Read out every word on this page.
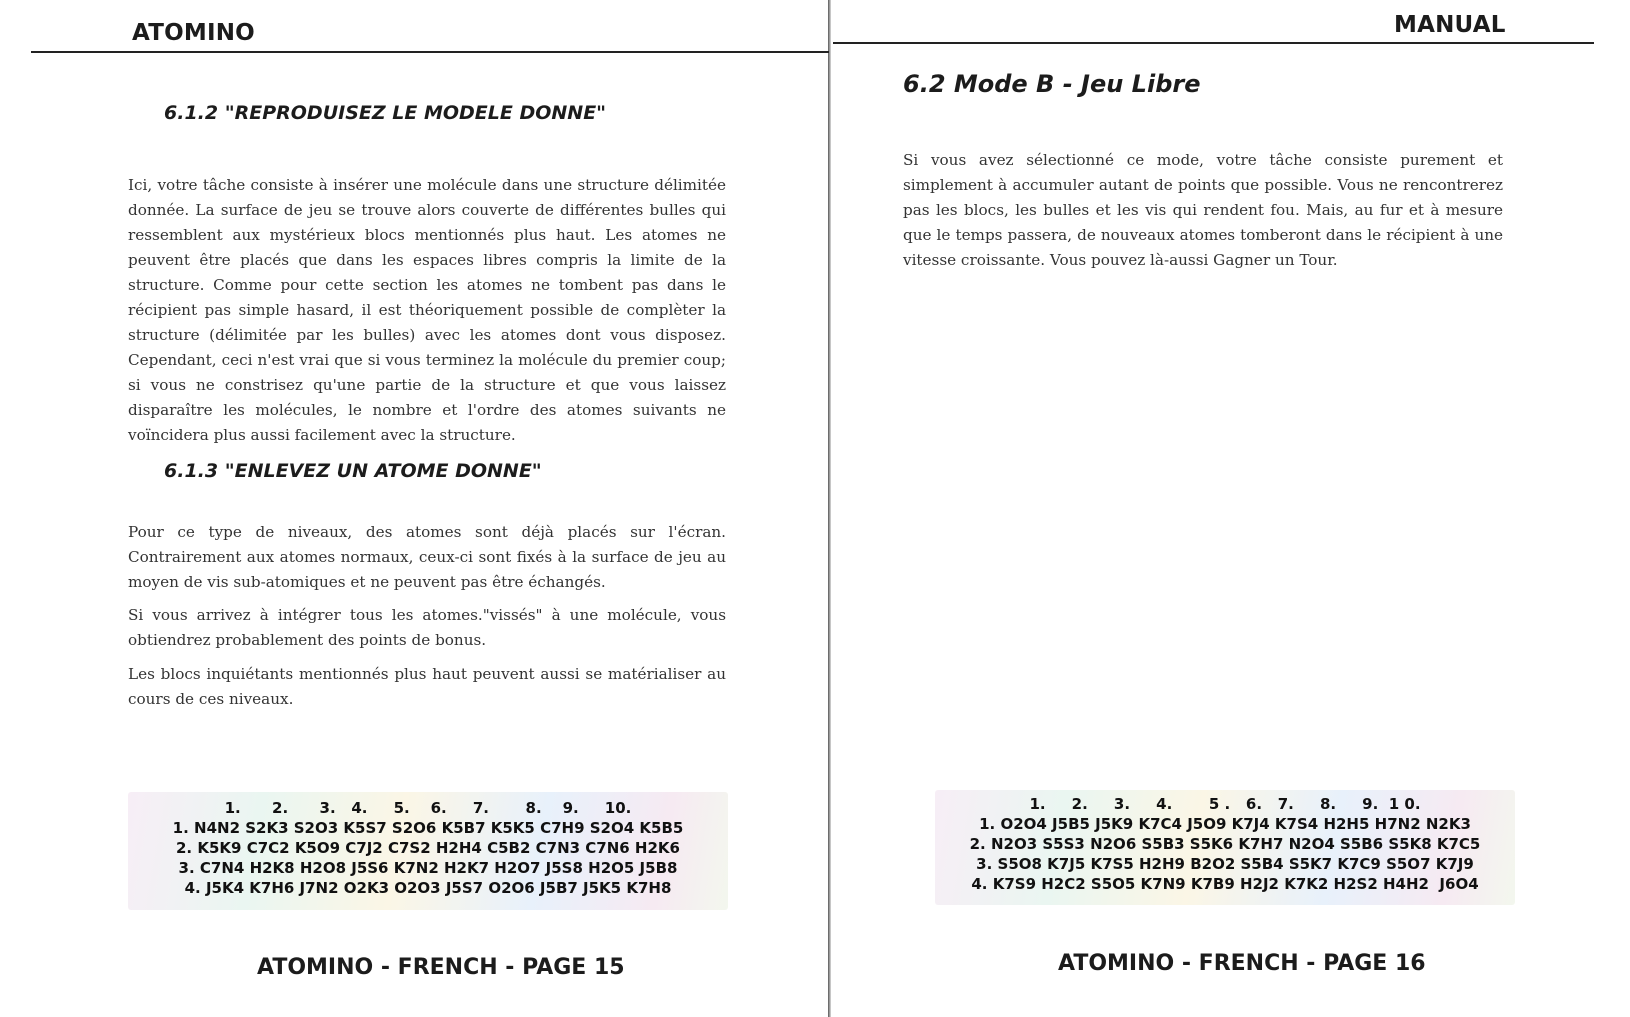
ATOMINO
6.1.2 "REPRODUISEZ LE MODELE DONNE"

Ici, votre tâche consiste à insérer une molécule dans une structure délimitée donnée. La surface de jeu se trouve alors couverte de différentes bulles qui ressemblent aux mystérieux blocs mentionnés plus haut. Les atomes ne peuvent être placés que dans les espaces libres compris la limite de la structure. Comme pour cette section les atomes ne tombent pas dans le récipient pas simple hasard, il est théoriquement possible de complèter la structure (délimitée par les bulles) avec les atomes dont vous disposez. Cependant, ceci n'est vrai que si vous terminez la molécule du premier coup; si vous ne constrisez qu'une partie de la structure et que vous laissez disparaître les molécules, le nombre et l'ordre des atomes suivants ne voïncidera plus aussi facilement avec la structure.

6.1.3 "ENLEVEZ UN ATOME DONNE"

Pour ce type de niveaux, des atomes sont déjà placés sur l'écran. Contrairement aux atomes normaux, ceux-ci sont fixés à la surface de jeu au moyen de vis sub-atomiques et ne peuvent pas être échangés.

Si vous arrivez à intégrer tous les atomes."vissés" à une molécule, vous obtiendrez probablement des points de bonus.

Les blocs inquiétants mentionnés plus haut peuvent aussi se matérialiser au cours de ces niveaux.

1.      2.      3.   4.     5.    6.     7.       8.    9.     10.
1. N4N2 S2K3 S2O3 K5S7 S2O6 K5B7 K5K5 C7H9 S2O4 K5B5
2. K5K9 C7C2 K5O9 C7J2 C7S2 H2H4 C5B2 C7N3 C7N6 H2K6
3. C7N4 H2K8 H2O8 J5S6 K7N2 H2K7 H2O7 J5S8 H2O5 J5B8
4. J5K4 K7H6 J7N2 O2K3 O2O3 J5S7 O2O6 J5B7 J5K5 K7H8
ATOMINO - FRENCH - PAGE 15
MANUAL
6.2 Mode B - Jeu Libre

Si vous avez sélectionné ce mode, votre tâche consiste purement et simplement à accumuler autant de points que possible. Vous ne rencontrerez pas les blocs, les bulles et les vis qui rendent fou. Mais, au fur et à mesure que le temps passera, de nouveaux atomes tomberont dans le récipient à une vitesse croissante. Vous pouvez là-aussi Gagner un Tour.

1.     2.     3.     4.       5 .   6.   7.     8.     9.  1 0.
1. O2O4 J5B5 J5K9 K7C4 J5O9 K7J4 K7S4 H2H5 H7N2 N2K3
2. N2O3 S5S3 N2O6 S5B3 S5K6 K7H7 N2O4 S5B6 S5K8 K7C5
3. S5O8 K7J5 K7S5 H2H9 B2O2 S5B4 S5K7 K7C9 S5O7 K7J9
4. K7S9 H2C2 S5O5 K7N9 K7B9 H2J2 K7K2 H2S2 H4H2  J6O4
ATOMINO - FRENCH - PAGE 16
